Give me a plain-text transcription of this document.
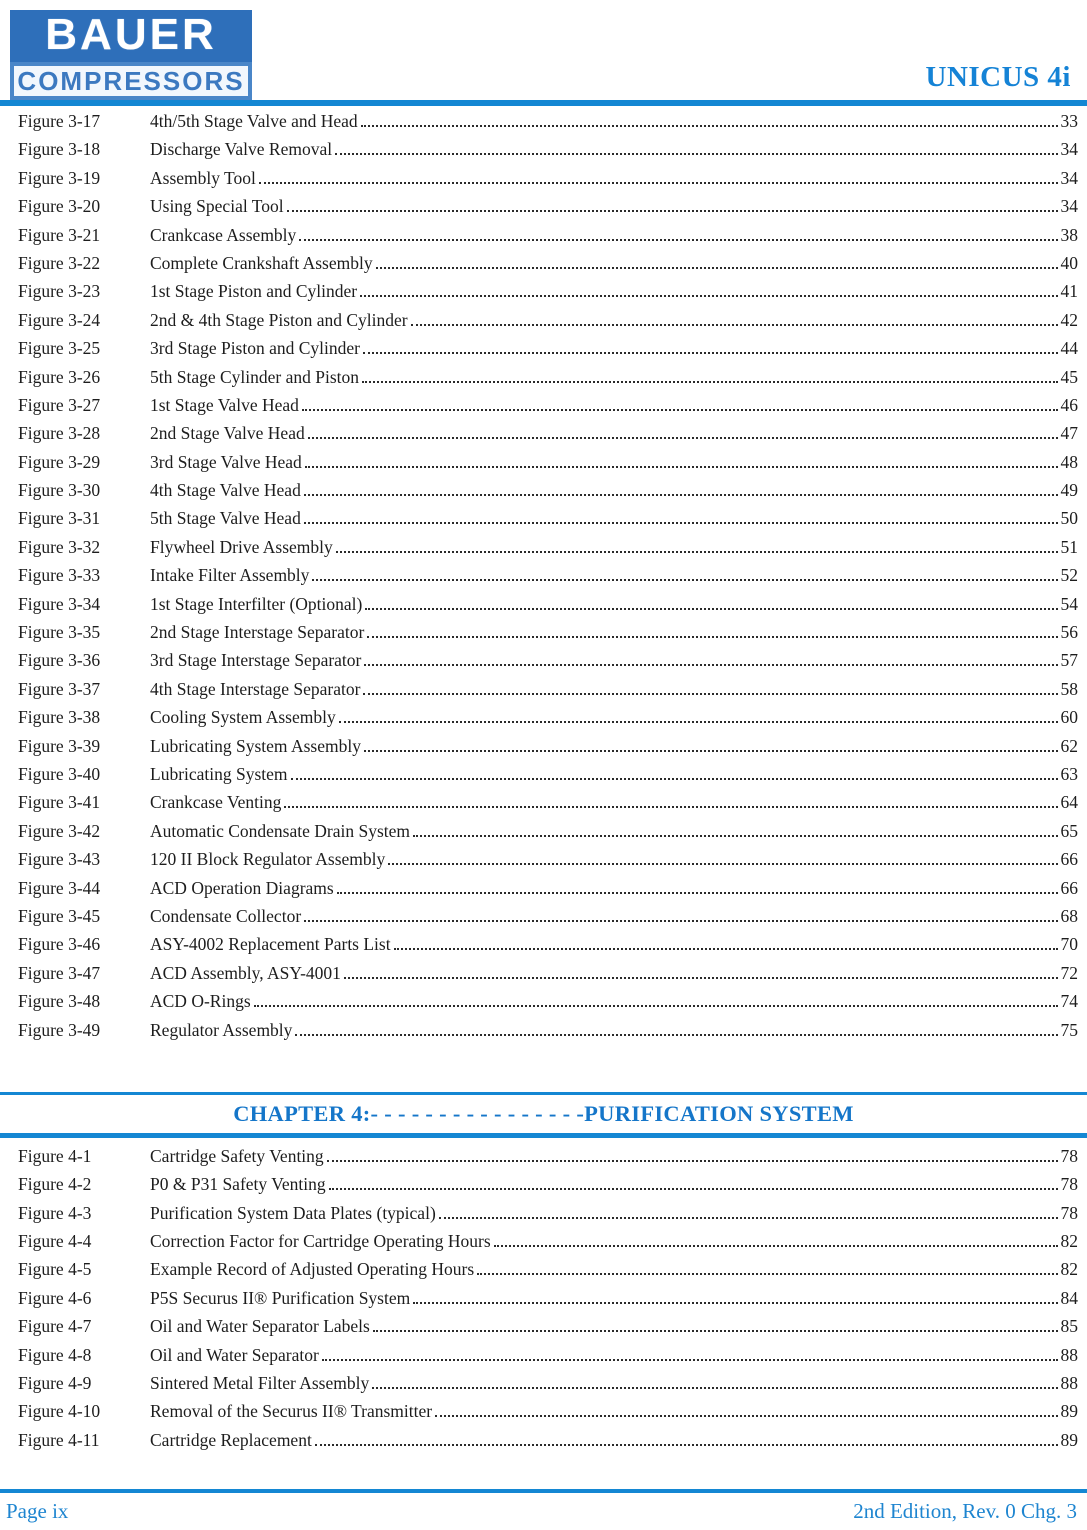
BAUER
COMPRESSORS	UNICUS 4i
Figure 3-17	4th/5th Stage Valve and Head	33
Figure 3-18	Discharge Valve Removal	34
Figure 3-19	Assembly Tool	34
Figure 3-20	Using Special Tool	34
Figure 3-21	Crankcase Assembly	38
Figure 3-22	Complete Crankshaft Assembly	40
Figure 3-23	1st Stage Piston and Cylinder	41
Figure 3-24	2nd & 4th Stage Piston and Cylinder	42
Figure 3-25	3rd Stage Piston and Cylinder	44
Figure 3-26	5th Stage Cylinder and Piston	45
Figure 3-27	1st Stage Valve Head	46
Figure 3-28	2nd Stage Valve Head	47
Figure 3-29	3rd Stage Valve Head	48
Figure 3-30	4th Stage Valve Head	49
Figure 3-31	5th Stage Valve Head	50
Figure 3-32	Flywheel Drive Assembly	51
Figure 3-33	Intake Filter Assembly	52
Figure 3-34	1st Stage Interfilter (Optional)	54
Figure 3-35	2nd Stage Interstage Separator	56
Figure 3-36	3rd Stage Interstage Separator	57
Figure 3-37	4th Stage Interstage Separator	58
Figure 3-38	Cooling System Assembly	60
Figure 3-39	Lubricating System Assembly	62
Figure 3-40	Lubricating System	63
Figure 3-41	Crankcase Venting	64
Figure 3-42	Automatic Condensate Drain System	65
Figure 3-43	120 II Block Regulator Assembly	66
Figure 3-44	ACD Operation Diagrams	66
Figure 3-45	Condensate Collector	68
Figure 3-46	ASY-4002 Replacement Parts List	70
Figure 3-47	ACD Assembly, ASY-4001	72
Figure 3-48	ACD O-Rings	74
Figure 3-49	Regulator Assembly	75
CHAPTER 4:- - - - - - - - - - - - - - - -PURIFICATION SYSTEM
Figure 4-1	Cartridge Safety Venting	78
Figure 4-2	P0 & P31 Safety Venting	78
Figure 4-3	Purification System Data Plates (typical)	78
Figure 4-4	Correction Factor for Cartridge Operating Hours	82
Figure 4-5	Example Record of Adjusted Operating Hours	82
Figure 4-6	P5S Securus II® Purification System	84
Figure 4-7	Oil and Water Separator Labels	85
Figure 4-8	Oil and Water Separator	88
Figure 4-9	Sintered Metal Filter Assembly	88
Figure 4-10	Removal of the Securus II® Transmitter	89
Figure 4-11	Cartridge Replacement	89
Page ix	2nd Edition, Rev. 0 Chg. 3
